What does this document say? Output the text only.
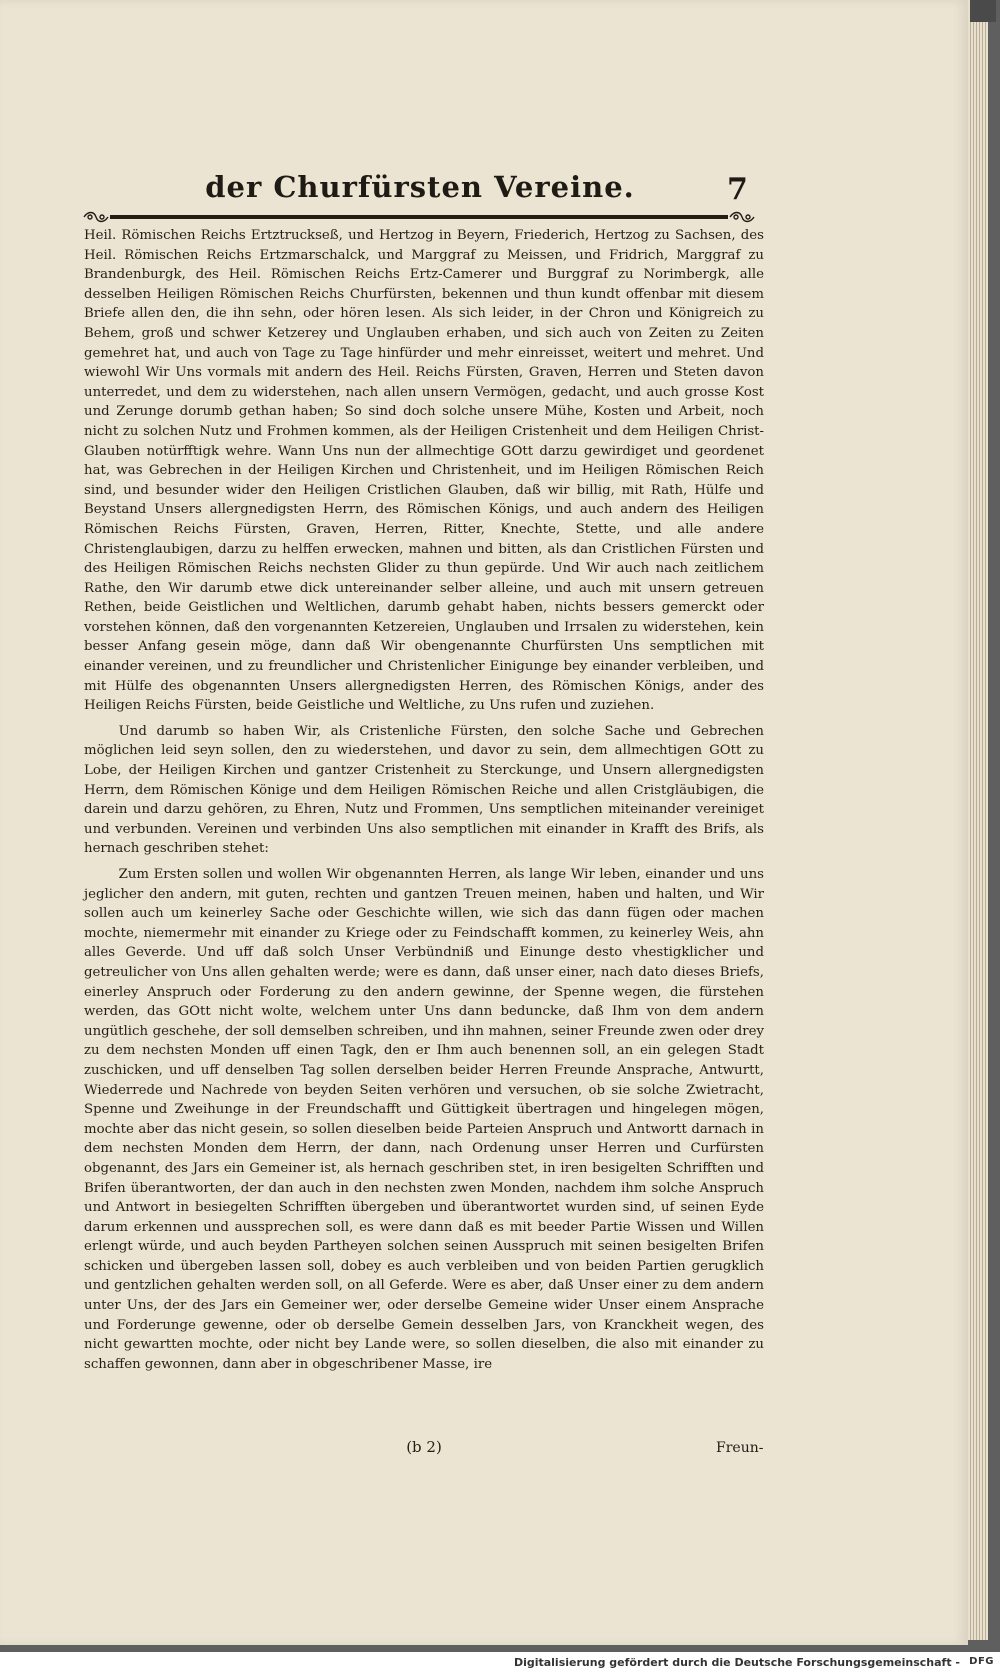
der Churfürsten Vereine.	7

Heil. Römischen Reichs Ertztruckseß, und Hertzog in Beyern, Friederich, Hertzog zu Sachsen, des Heil. Römischen Reichs Ertzmarschalck, und Marggraf zu Meissen, und Fridrich, Marggraf zu Brandenburgk, des Heil. Römischen Reichs Ertz-Camerer und Burggraf zu Norimbergk, alle desselben Heiligen Römischen Reichs Churfürsten, bekennen und thun kundt offenbar mit diesem Briefe allen den, die ihn sehn, oder hören lesen. Als sich leider, in der Chron und Königreich zu Behem, groß und schwer Ketzerey und Unglauben erhaben, und sich auch von Zeiten zu Zeiten gemehret hat, und auch von Tage zu Tage hinfürder und mehr einreisset, weitert und mehret. Und wiewohl Wir Uns vormals mit andern des Heil. Reichs Fürsten, Graven, Herren und Steten davon unterredet, und dem zu widerstehen, nach allen unsern Vermögen, gedacht, und auch grosse Kost und Zerunge dorumb gethan haben; So sind doch solche unsere Mühe, Kosten und Arbeit, noch nicht zu solchen Nutz und Frohmen kommen, als der Heiligen Cristenheit und dem Heiligen Christ-Glauben notürfftigk wehre. Wann Uns nun der allmechtige GOtt darzu gewirdiget und geordenet hat, was Gebrechen in der Heiligen Kirchen und Christenheit, und im Heiligen Römischen Reich sind, und besunder wider den Heiligen Cristlichen Glauben, daß wir billig, mit Rath, Hülfe und Beystand Unsers allergnedigsten Herrn, des Römischen Königs, und auch andern des Heiligen Römischen Reichs Fürsten, Graven, Herren, Ritter, Knechte, Stette, und alle andere Christenglaubigen, darzu zu helffen erwecken, mahnen und bitten, als dan Cristlichen Fürsten und des Heiligen Römischen Reichs nechsten Glider zu thun gepürde. Und Wir auch nach zeitlichem Rathe, den Wir darumb etwe dick untereinander selber alleine, und auch mit unsern getreuen Rethen, beide Geistlichen und Weltlichen, darumb gehabt haben, nichts bessers gemerckt oder vorstehen können, daß den vorgenannten Ketzereien, Unglauben und Irrsalen zu widerstehen, kein besser Anfang gesein möge, dann daß Wir obengenannte Churfürsten Uns semptlichen mit einander vereinen, und zu freundlicher und Christenlicher Einigunge bey einander verbleiben, und mit Hülfe des obgenannten Unsers allergnedigsten Herren, des Römischen Königs, ander des Heiligen Reichs Fürsten, beide Geistliche und Weltliche, zu Uns rufen und zuziehen.

Und darumb so haben Wir, als Cristenliche Fürsten, den solche Sache und Gebrechen möglichen leid seyn sollen, den zu wiederstehen, und davor zu sein, dem allmechtigen GOtt zu Lobe, der Heiligen Kirchen und gantzer Cristenheit zu Sterckunge, und Unsern allergnedigsten Herrn, dem Römischen Könige und dem Heiligen Römischen Reiche und allen Cristgläubigen, die darein und darzu gehören, zu Ehren, Nutz und Frommen, Uns semptlichen miteinander vereiniget und verbunden. Vereinen und verbinden Uns also semptlichen mit einander in Krafft des Brifs, als hernach geschriben stehet:

Zum Ersten sollen und wollen Wir obgenannten Herren, als lange Wir leben, einander und uns jeglicher den andern, mit guten, rechten und gantzen Treuen meinen, haben und halten, und Wir sollen auch um keinerley Sache oder Geschichte willen, wie sich das dann fügen oder machen mochte, niemermehr mit einander zu Kriege oder zu Feindschafft kommen, zu keinerley Weis, ahn alles Geverde. Und uff daß solch Unser Verbündniß und Einunge desto vhestigklicher und getreulicher von Uns allen gehalten werde; were es dann, daß unser einer, nach dato dieses Briefs, einerley Anspruch oder Forderung zu den andern gewinne, der Spenne wegen, die fürstehen werden, das GOtt nicht wolte, welchem unter Uns dann beduncke, daß Ihm von dem andern ungütlich geschehe, der soll demselben schreiben, und ihn mahnen, seiner Freunde zwen oder drey zu dem nechsten Monden uff einen Tagk, den er Ihm auch benennen soll, an ein gelegen Stadt zuschicken, und uff denselben Tag sollen derselben beider Herren Freunde Ansprache, Antwurtt, Wiederrede und Nachrede von beyden Seiten verhören und versuchen, ob sie solche Zwietracht, Spenne und Zweihunge in der Freundschafft und Güttigkeit übertragen und hingelegen mögen, mochte aber das nicht gesein, so sollen dieselben beide Parteien Anspruch und Antwortt darnach in dem nechsten Monden dem Herrn, der dann, nach Ordenung unser Herren und Curfürsten obgenannt, des Jars ein Gemeiner ist, als hernach geschriben stet, in iren besigelten Schrifften und Brifen überantworten, der dan auch in den nechsten zwen Monden, nachdem ihm solche Anspruch und Antwort in besiegelten Schrifften übergeben und überantwortet wurden sind, uf seinen Eyde darum erkennen und aussprechen soll, es were dann daß es mit beeder Partie Wissen und Willen erlengt würde, und auch beyden Partheyen solchen seinen Ausspruch mit seinen besigelten Brifen schicken und übergeben lassen soll, dobey es auch verbleiben und von beiden Partien gerugklich und gentzlichen gehalten werden soll, on all Geferde. Were es aber, daß Unser einer zu dem andern unter Uns, der des Jars ein Gemeiner wer, oder derselbe Gemeine wider Unser einem Ansprache und Forderunge gewenne, oder ob derselbe Gemein desselben Jars, von Kranckheit wegen, des nicht gewartten mochte, oder nicht bey Lande were, so sollen dieselben, die also mit einander zu schaffen gewonnen, dann aber in obgeschribener Masse, ire

(b 2)	Freun-
Digitalisierung gefördert durch die Deutsche Forschungsgemeinschaft - DFG
